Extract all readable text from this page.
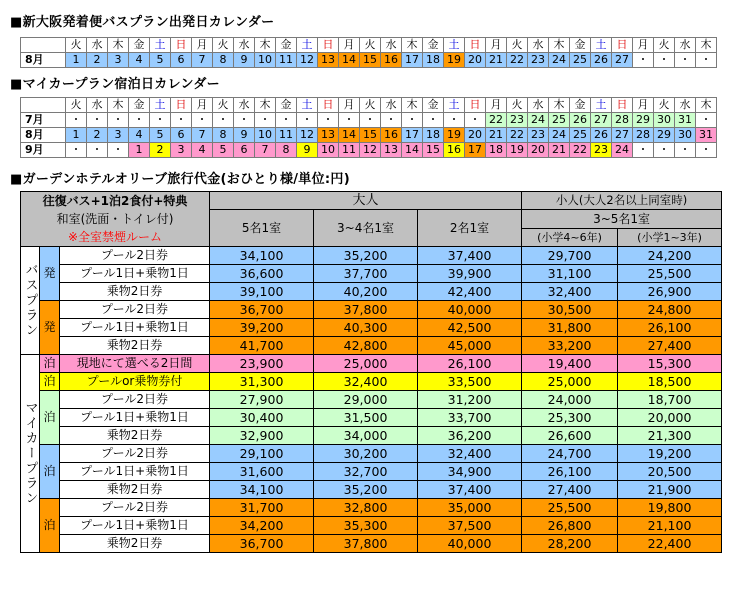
■新大阪発着便バスプラン出発日カレンダー
	火	水	木	金	土	日	月	火	水	木	金	土	日	月	火	水	木	金	土	日	月	火	水	木	金	土	日	月	火	水	木
8月	1	2	3	4	5	6	7	8	9	10	11	12	13	14	15	16	17	18	19	20	21	22	23	24	25	26	27	・	・	・	・
■マイカープラン宿泊日カレンダー
	火	水	木	金	土	日	月	火	水	木	金	土	日	月	火	水	木	金	土	日	月	火	水	木	金	土	日	月	火	水	木
7月	・	・	・	・	・	・	・	・	・	・	・	・	・	・	・	・	・	・	・	・	22	23	24	25	26	27	28	29	30	31	・
8月	1	2	3	4	5	6	7	8	9	10	11	12	13	14	15	16	17	18	19	20	21	22	23	24	25	26	27	28	29	30	31
9月	・	・	・	1	2	3	4	5	6	7	8	9	10	11	12	13	14	15	16	17	18	19	20	21	22	23	24	・	・	・	・
■ガーデンホテルオリーブ旅行代金(おひとり様/単位:円)
往復バス+1泊2食付+特典
和室(洗面・トイレ付)
※全室禁煙ルーム			大人			小人(大人2名以上同室時)	
			5名1室	3~4名1室	2名1室	3~5名1室	
						(小学4~6年)	(小学1~3年)
バスプラン	発	プール2日券	34,100	35,200	37,400	29,700	24,200
		プール1日+乗物1日	36,600	37,700	39,900	31,100	25,500
		乗物2日券	39,100	40,200	42,400	32,400	26,900
	発	プール2日券	36,700	37,800	40,000	30,500	24,800
		プール1日+乗物1日	39,200	40,300	42,500	31,800	26,100
		乗物2日券	41,700	42,800	45,000	33,200	27,400
マイカープラン	泊	現地にて選べる2日間	23,900	25,000	26,100	19,400	15,300
	泊	プールor乗物券付	31,300	32,400	33,500	25,000	18,500
	泊	プール2日券	27,900	29,000	31,200	24,000	18,700
		プール1日+乗物1日	30,400	31,500	33,700	25,300	20,000
		乗物2日券	32,900	34,000	36,200	26,600	21,300
	泊	プール2日券	29,100	30,200	32,400	24,700	19,200
		プール1日+乗物1日	31,600	32,700	34,900	26,100	20,500
		乗物2日券	34,100	35,200	37,400	27,400	21,900
	泊	プール2日券	31,700	32,800	35,000	25,500	19,800
		プール1日+乗物1日	34,200	35,300	37,500	26,800	21,100
		乗物2日券	36,700	37,800	40,000	28,200	22,400
